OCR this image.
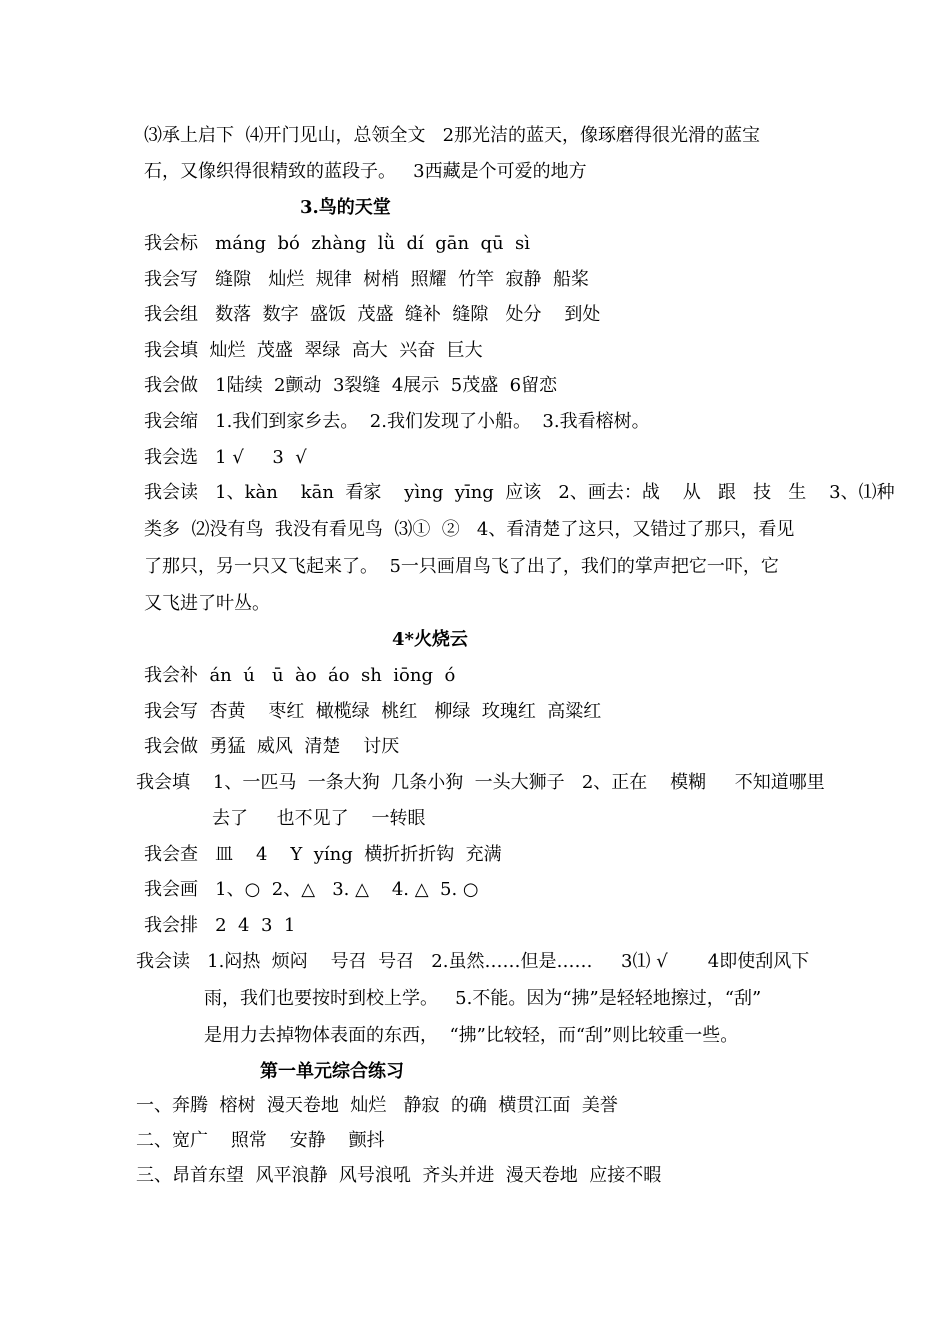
⑶承上启下  ⑷开门见山，总领全文   2那光洁的蓝天，像琢磨得很光滑的蓝宝
石，又像织得很精致的蓝段子。   3西藏是个可爱的地方
3.鸟的天堂
我会标   máng  bó  zhàng  lǜ  dí  gān  qū  sì
我会写   缝隙   灿烂  规律  树梢  照耀  竹竿  寂静  船桨
我会组   数落  数字  盛饭  茂盛  缝补  缝隙   处分    到处
我会填  灿烂  茂盛  翠绿  高大  兴奋  巨大
我会做   1陆续  2颤动  3裂缝  4展示  5茂盛  6留恋
我会缩   1.我们到家乡去。  2.我们发现了小船。  3.我看榕树。
我会选   1 √     3  √
我会读   1、kàn    kān  看家    yìng  yīng  应该   2、画去：战    从   跟   技   生    3、⑴种
类多  ⑵没有鸟  我没有看见鸟  ⑶①  ②   4、看清楚了这只，又错过了那只，看见
了那只，另一只又飞起来了。  5一只画眉鸟飞了出了，我们的掌声把它一吓，它
又飞进了叶丛。
4*火烧云
我会补  án  ú   ū  ào  áo  sh  iōng  ó
我会写  杏黄    枣红  橄榄绿  桃红   柳绿  玫瑰红  高粱红
我会做  勇猛  威风  清楚    讨厌
我会填    1、一匹马  一条大狗  几条小狗  一头大狮子   2、正在    模糊     不知道哪里
去了     也不见了    一转眼
我会查   皿    4    Y  yíng  横折折折钩  充满
我会画   1、○  2、△   3. △    4. △  5. ○
我会排   2  4  3  1
我会读   1.闷热  烦闷    号召  号召   2.虽然……但是……     3⑴ √       4即使刮风下
雨，我们也要按时到校上学。   5.不能。因为“拂”是轻轻地擦过，“刮”
是用力去掉物体表面的东西，  “拂”比较轻，而“刮”则比较重一些。
第一单元综合练习
一、奔腾  榕树  漫天卷地  灿烂   静寂  的确  横贯江面  美誉
二、宽广    照常    安静    颤抖
三、昂首东望  风平浪静  风号浪吼  齐头并进  漫天卷地  应接不暇
